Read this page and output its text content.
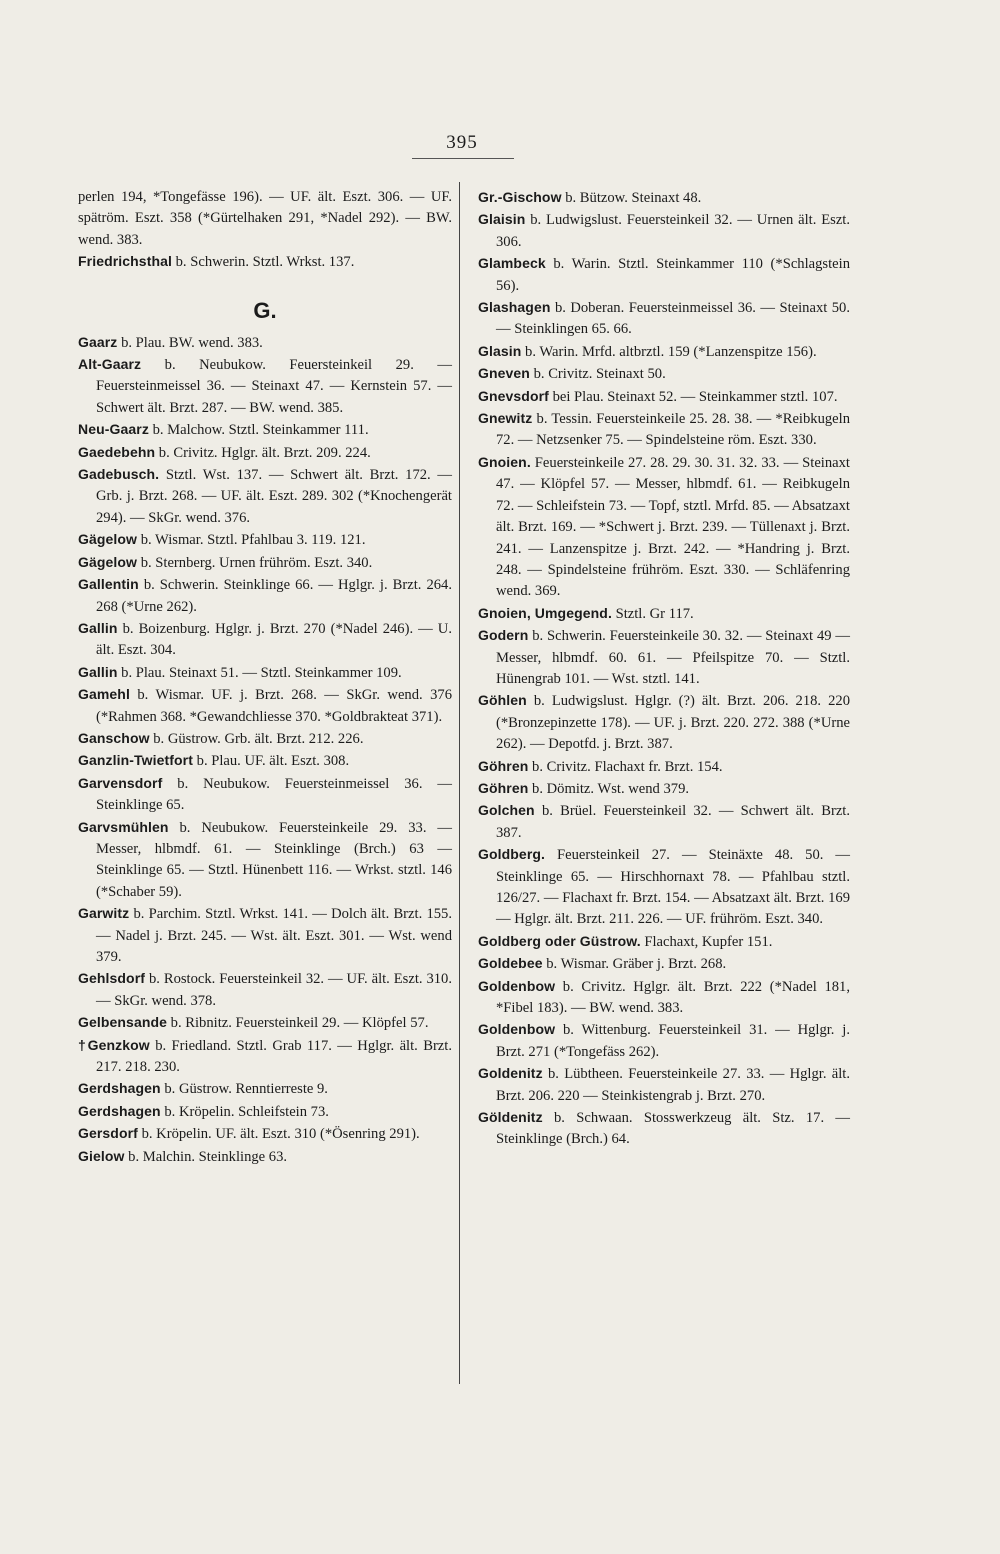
395

perlen 194, *Tongefässe 196). — UF. ält. Eszt. 306. — UF. spätröm. Eszt. 358 (*Gürtelhaken 291, *Nadel 292). — BW. wend. 383.

Friedrichsthal b. Schwerin. Stztl. Wrkst. 137.

G.

Gaarz b. Plau. BW. wend. 383.

Alt-Gaarz b. Neubukow. Feuersteinkeil 29. — Feuersteinmeissel 36. — Steinaxt 47. — Kernstein 57. — Schwert ält. Brzt. 287. — BW. wend. 385.

Neu-Gaarz b. Malchow. Stztl. Steinkammer 111.

Gaedebehn b. Crivitz. Hglgr. ält. Brzt. 209. 224.

Gadebusch. Stztl. Wst. 137. — Schwert ält. Brzt. 172. — Grb. j. Brzt. 268. — UF. ält. Eszt. 289. 302 (*Knochengerät 294). — SkGr. wend. 376.

Gägelow b. Wismar. Stztl. Pfahlbau 3. 119. 121.

Gägelow b. Sternberg. Urnen frühröm. Eszt. 340.

Gallentin b. Schwerin. Steinklinge 66. — Hglgr. j. Brzt. 264. 268 (*Urne 262).

Gallin b. Boizenburg. Hglgr. j. Brzt. 270 (*Nadel 246). — U. ält. Eszt. 304.

Gallin b. Plau. Steinaxt 51. — Stztl. Steinkammer 109.

Gamehl b. Wismar. UF. j. Brzt. 268. — SkGr. wend. 376 (*Rahmen 368. *Gewandchliesse 370. *Goldbrakteat 371).

Ganschow b. Güstrow. Grb. ält. Brzt. 212. 226.

Ganzlin-Twietfort b. Plau. UF. ält. Eszt. 308.

Garvensdorf b. Neubukow. Feuersteinmeissel 36. — Steinklinge 65.

Garvsmühlen b. Neubukow. Feuersteinkeile 29. 33. — Messer, hlbmdf. 61. — Steinklinge (Brch.) 63 — Steinklinge 65. — Stztl. Hünenbett 116. — Wrkst. stztl. 146 (*Schaber 59).

Garwitz b. Parchim. Stztl. Wrkst. 141. — Dolch ält. Brzt. 155. — Nadel j. Brzt. 245. — Wst. ält. Eszt. 301. — Wst. wend 379.

Gehlsdorf b. Rostock. Feuersteinkeil 32. — UF. ält. Eszt. 310. — SkGr. wend. 378.

Gelbensande b. Ribnitz. Feuersteinkeil 29. — Klöpfel 57.

†Genzkow b. Friedland. Stztl. Grab 117. — Hglgr. ält. Brzt. 217. 218. 230.

Gerdshagen b. Güstrow. Renntierreste 9.

Gerdshagen b. Kröpelin. Schleifstein 73.

Gersdorf b. Kröpelin. UF. ält. Eszt. 310 (*Ösenring 291).

Gielow b. Malchin. Steinklinge 63.

Gr.-Gischow b. Bützow. Steinaxt 48.

Glaisin b. Ludwigslust. Feuersteinkeil 32. — Urnen ält. Eszt. 306.

Glambeck b. Warin. Stztl. Steinkammer 110 (*Schlagstein 56).

Glashagen b. Doberan. Feuersteinmeissel 36. — Steinaxt 50. — Steinklingen 65. 66.

Glasin b. Warin. Mrfd. altbrztl. 159 (*Lanzenspitze 156).

Gneven b. Crivitz. Steinaxt 50.

Gnevsdorf bei Plau. Steinaxt 52. — Steinkammer stztl. 107.

Gnewitz b. Tessin. Feuersteinkeile 25. 28. 38. — *Reibkugeln 72. — Netzsenker 75. — Spindelsteine röm. Eszt. 330.

Gnoien. Feuersteinkeile 27. 28. 29. 30. 31. 32. 33. — Steinaxt 47. — Klöpfel 57. — Messer, hlbmdf. 61. — Reibkugeln 72. — Schleifstein 73. — Topf, stztl. Mrfd. 85. — Absatzaxt ält. Brzt. 169. — *Schwert j. Brzt. 239. — Tüllenaxt j. Brzt. 241. — Lanzenspitze j. Brzt. 242. — *Handring j. Brzt. 248. — Spindelsteine frühröm. Eszt. 330. — Schläfenring wend. 369.

Gnoien, Umgegend. Stztl. Gr 117.

Godern b. Schwerin. Feuersteinkeile 30. 32. — Steinaxt 49 — Messer, hlbmdf. 60. 61. — Pfeilspitze 70. — Stztl. Hünengrab 101. — Wst. stztl. 141.

Göhlen b. Ludwigslust. Hglgr. (?) ält. Brzt. 206. 218. 220 (*Bronzepinzette 178). — UF. j. Brzt. 220. 272. 388 (*Urne 262). — Depotfd. j. Brzt. 387.

Göhren b. Crivitz. Flachaxt fr. Brzt. 154.

Göhren b. Dömitz. Wst. wend 379.

Golchen b. Brüel. Feuersteinkeil 32. — Schwert ält. Brzt. 387.

Goldberg. Feuersteinkeil 27. — Steinäxte 48. 50. — Steinklinge 65. — Hirschhornaxt 78. — Pfahlbau stztl. 126/27. — Flachaxt fr. Brzt. 154. — Absatzaxt ält. Brzt. 169 — Hglgr. ält. Brzt. 211. 226. — UF. frühröm. Eszt. 340.

Goldberg oder Güstrow. Flachaxt, Kupfer 151.

Goldebee b. Wismar. Gräber j. Brzt. 268.

Goldenbow b. Crivitz. Hglgr. ält. Brzt. 222 (*Nadel 181, *Fibel 183). — BW. wend. 383.

Goldenbow b. Wittenburg. Feuersteinkeil 31. — Hglgr. j. Brzt. 271 (*Tongefäss 262).

Goldenitz b. Lübtheen. Feuersteinkeile 27. 33. — Hglgr. ält. Brzt. 206. 220 — Steinkistengrab j. Brzt. 270.

Göldenitz b. Schwaan. Stosswerkzeug ält. Stz. 17. — Steinklinge (Brch.) 64.
